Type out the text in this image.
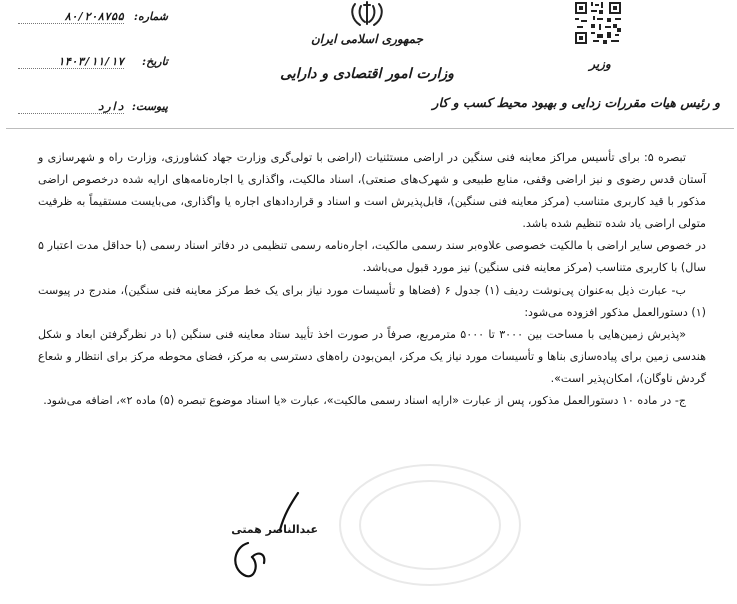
وزیر
و رئیس هیات مقررات زدایی و بهبود محیط کسب و کار
جمهوری اسلامی ایران
وزارت امور اقتصادی و دارایی
شماره:
۸۰/۲۰۸۷۵۵
تاریخ:
۱۴۰۳/۱۱/۱۷
پیوست:
دارد

تبصره ۵: برای تأسیس مراکز معاینه فنی سنگین در اراضی مستثنیات (اراضی با تولی‌گری وزارت جهاد کشاورزی، وزارت راه و شهرسازی و آستان قدس رضوی و نیز اراضی وقفی، منابع طبیعی و شهرک‌های صنعتی)، اسناد مالکیت، واگذاری یا اجاره‌نامه‌های ارایه شده درخصوص اراضی مذکور با قید کاربری متناسب (مرکز معاینه فنی سنگین)، قابل‌پذیرش است و اسناد و قراردادهای اجاره یا واگذاری، می‌بایست مستقیماً به ظرفیت متولی اراضی یاد شده تنظیم شده باشد.

در خصوص سایر اراضی با مالکیت خصوصی علاوه‌بر سند رسمی مالکیت، اجاره‌نامه رسمی تنظیمی در دفاتر اسناد رسمی (با حداقل مدت اعتبار ۵ سال) با کاربری متناسب (مرکز معاینه فنی سنگین) نیز مورد قبول می‌باشد.

ب- عبارت ذیل به‌عنوان پی‌نوشت ردیف (۱) جدول ۶ (فضاها و تأسیسات مورد نیاز برای یک خط مرکز معاینه فنی سنگین)، مندرج در پیوست (۱) دستورالعمل مذکور افزوده می‌شود:

«پذیرش زمین‌هایی با مساحت بین ۳۰۰۰ تا ۵۰۰۰ مترمربع، صرفاً در صورت اخذ تأیید ستاد معاینه فنی سنگین (با در نظرگرفتن ابعاد و شکل هندسی زمین برای پیاده‌سازی بناها و تأسیسات مورد نیاز یک مرکز، ایمن‌بودن راه‌های دسترسی به مرکز، فضای محوطه مرکز برای انتظار و شعاع گردش ناوگان)، امکان‌پذیر است».

ج- در ماده ۱۰ دستورالعمل مذکور، پس از عبارت «ارایه اسناد رسمی مالکیت»، عبارت «یا اسناد موضوع تبصره (۵) ماده ۲»، اضافه می‌شود.

عبدالناصر همتی
